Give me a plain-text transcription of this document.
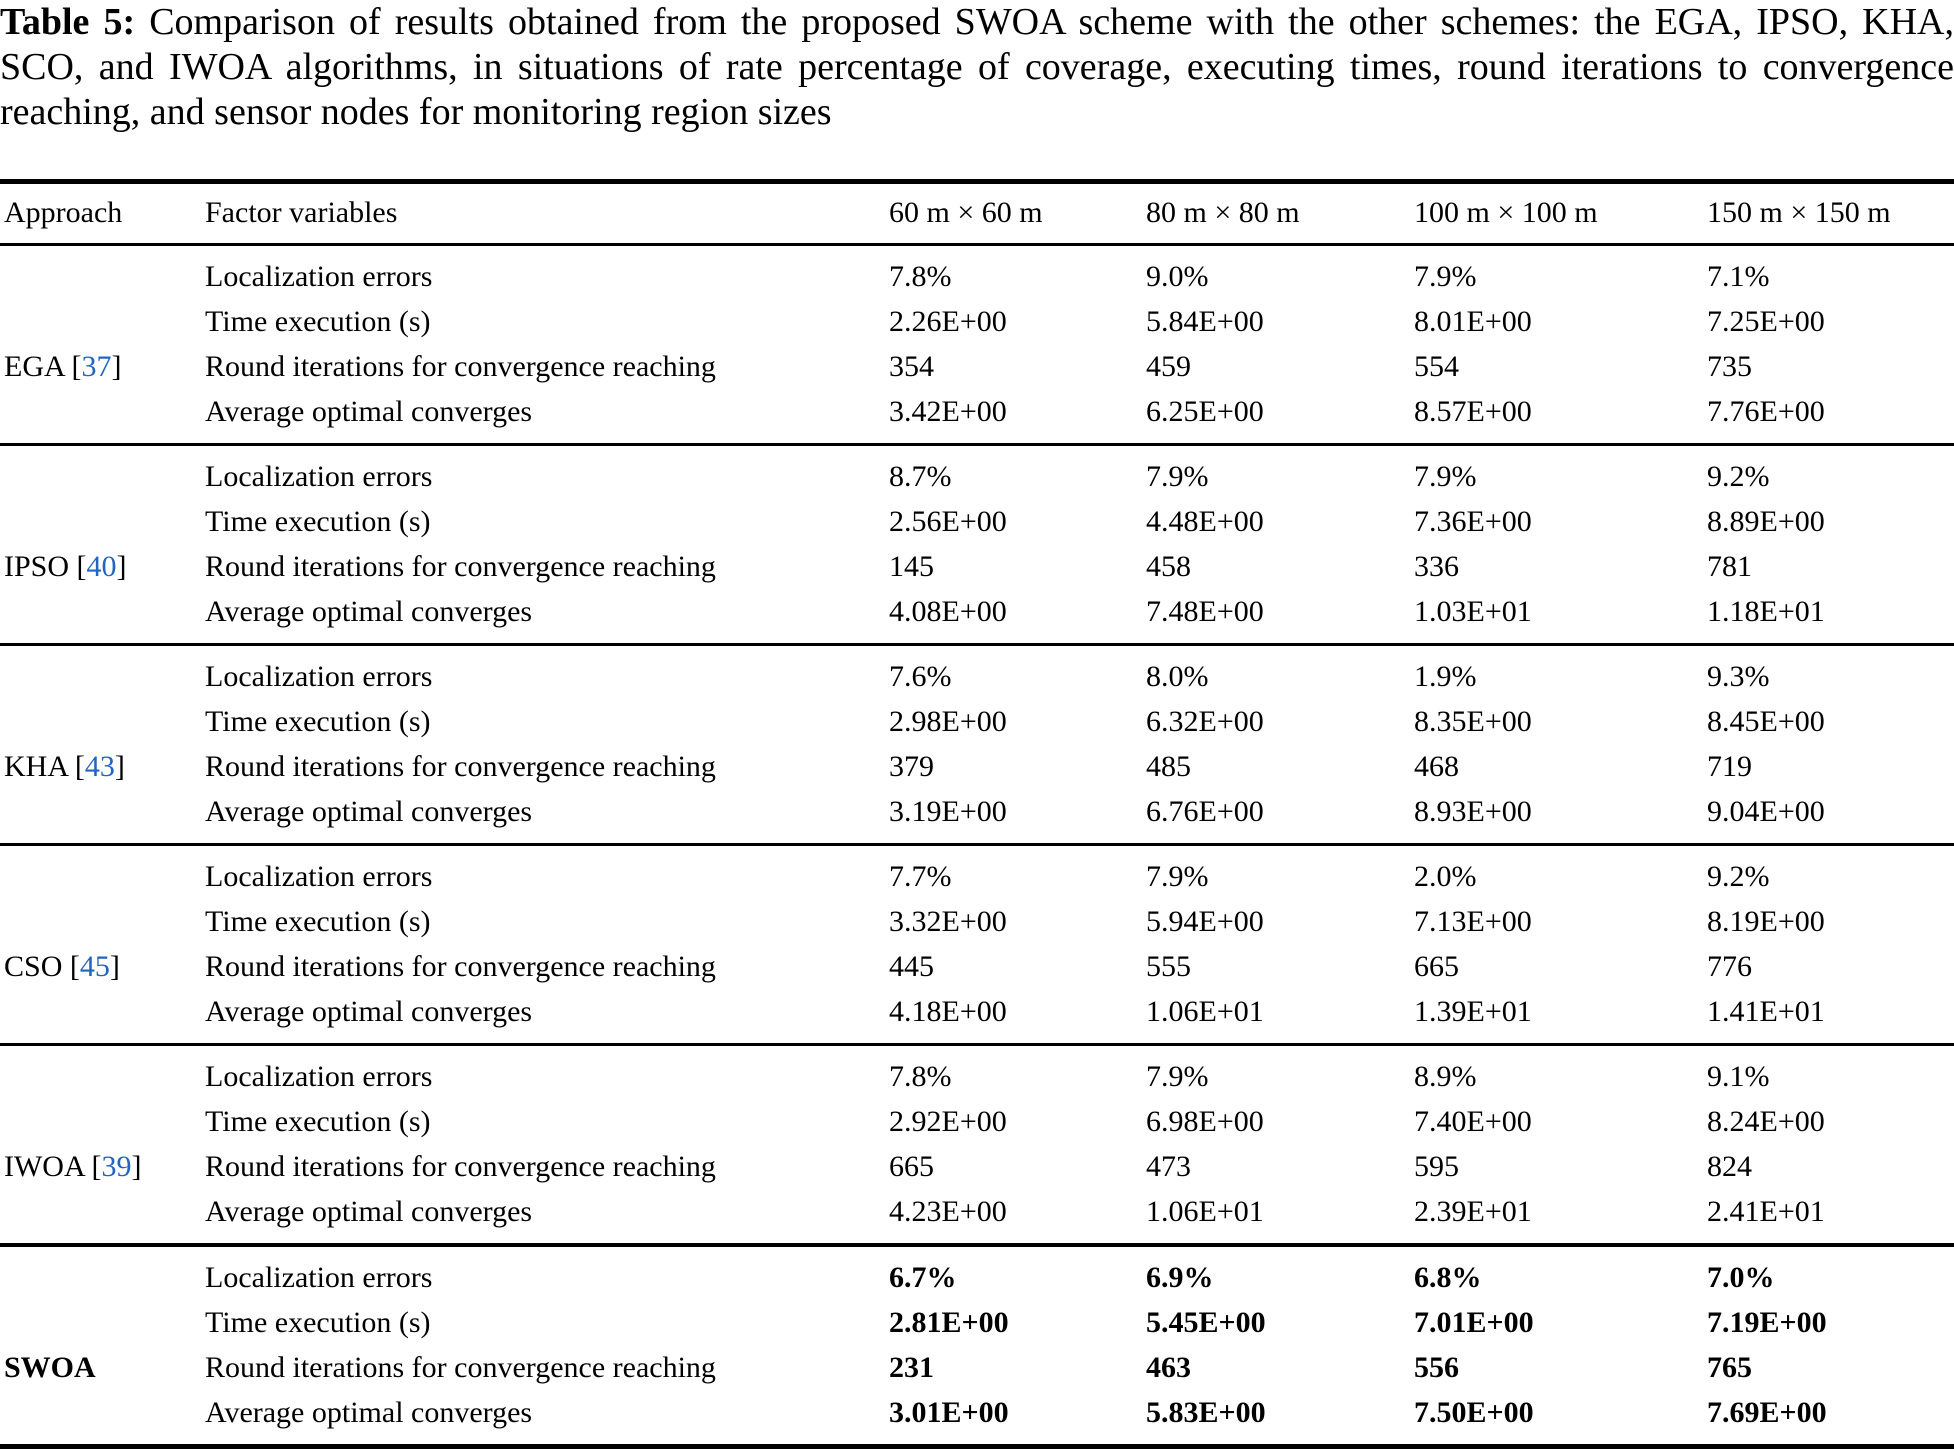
Table 5: Comparison of results obtained from the proposed SWOA scheme with the other schemes: the EGA, IPSO, KHA, SCO, and IWOA algorithms, in situations of rate percentage of coverage, executing times, round iterations to convergence reaching, and sensor nodes for monitoring region sizes
Approach	Factor variables	60 m × 60 m	80 m × 80 m	100 m × 100 m	150 m × 150 m
	Localization errors	7.8%	9.0%	7.9%	7.1%
	Time execution (s)	2.26E+00	5.84E+00	8.01E+00	7.25E+00
EGA [37]	Round iterations for convergence reaching	354	459	554	735
	Average optimal converges	3.42E+00	6.25E+00	8.57E+00	7.76E+00
	Localization errors	8.7%	7.9%	7.9%	9.2%
	Time execution (s)	2.56E+00	4.48E+00	7.36E+00	8.89E+00
IPSO [40]	Round iterations for convergence reaching	145	458	336	781
	Average optimal converges	4.08E+00	7.48E+00	1.03E+01	1.18E+01
	Localization errors	7.6%	8.0%	1.9%	9.3%
	Time execution (s)	2.98E+00	6.32E+00	8.35E+00	8.45E+00
KHA [43]	Round iterations for convergence reaching	379	485	468	719
	Average optimal converges	3.19E+00	6.76E+00	8.93E+00	9.04E+00
	Localization errors	7.7%	7.9%	2.0%	9.2%
	Time execution (s)	3.32E+00	5.94E+00	7.13E+00	8.19E+00
CSO [45]	Round iterations for convergence reaching	445	555	665	776
	Average optimal converges	4.18E+00	1.06E+01	1.39E+01	1.41E+01
	Localization errors	7.8%	7.9%	8.9%	9.1%
	Time execution (s)	2.92E+00	6.98E+00	7.40E+00	8.24E+00
IWOA [39]	Round iterations for convergence reaching	665	473	595	824
	Average optimal converges	4.23E+00	1.06E+01	2.39E+01	2.41E+01
	Localization errors	6.7%	6.9%	6.8%	7.0%
	Time execution (s)	2.81E+00	5.45E+00	7.01E+00	7.19E+00
SWOA	Round iterations for convergence reaching	231	463	556	765
	Average optimal converges	3.01E+00	5.83E+00	7.50E+00	7.69E+00
